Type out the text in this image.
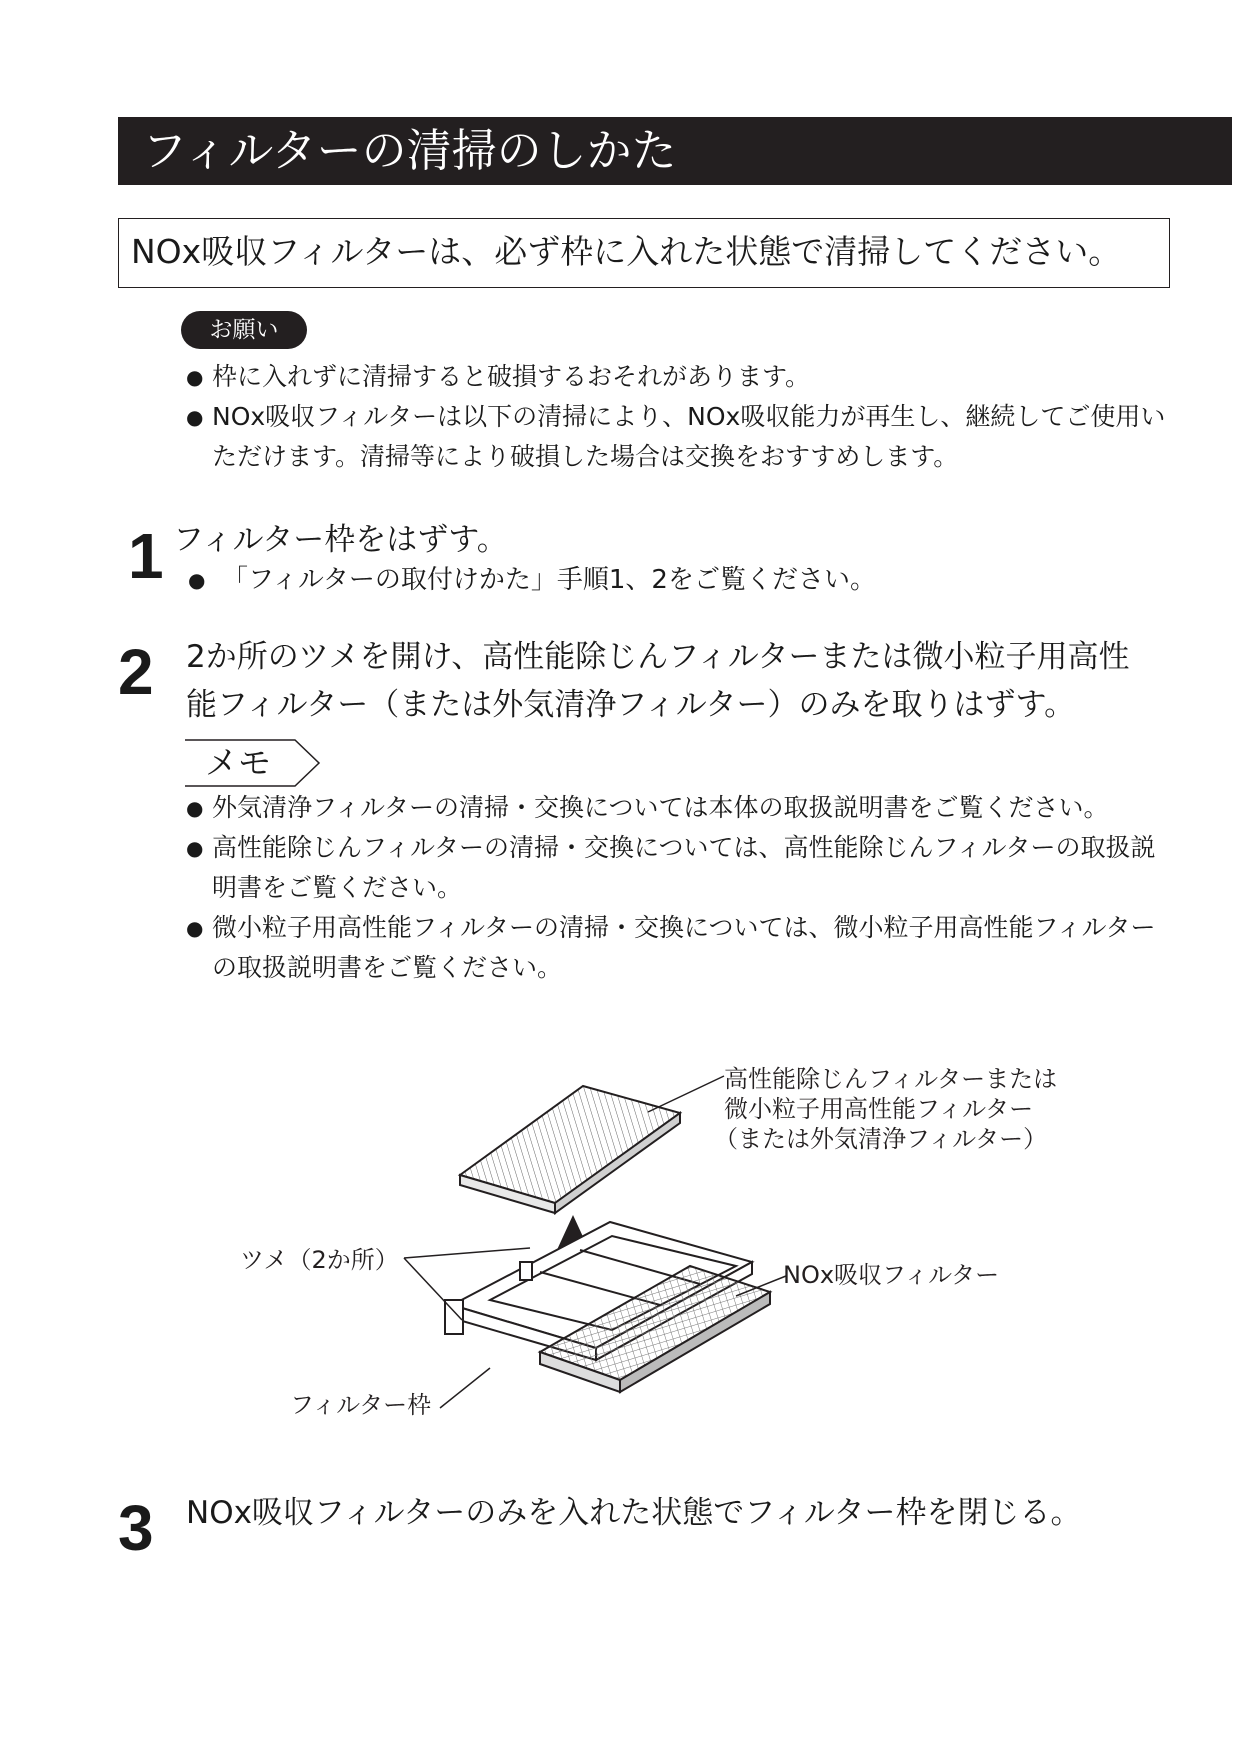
フィルターの清掃のしかた
NOx吸収フィルターは、必ず枠に入れた状態で清掃してください。
お願い
● 枠に入れずに清掃すると破損するおそれがあります。
● NOx吸収フィルターは以下の清掃により、NOx吸収能力が再生し、継続してご使用いただけます。清掃等により破損した場合は交換をおすすめします。
1 フィルター枠をはずす。
● 「フィルターの取付けかた」手順1、2をご覧ください。
2 2か所のツメを開け、高性能除じんフィルターまたは微小粒子用高性
能フィルター（または外気清浄フィルター）のみを取りはずす。
メモ
● 外気清浄フィルターの清掃・交換については本体の取扱説明書をご覧ください。
● 高性能除じんフィルターの清掃・交換については、高性能除じんフィルターの取扱説明書をご覧ください。
● 微小粒子用高性能フィルターの清掃・交換については、微小粒子用高性能フィルターの取扱説明書をご覧ください。
高性能除じんフィルターまたは
微小粒子用高性能フィルター
（または外気清浄フィルター）
ツメ（2か所）
NOx吸収フィルター
フィルター枠
3 NOx吸収フィルターのみを入れた状態でフィルター枠を閉じる。
